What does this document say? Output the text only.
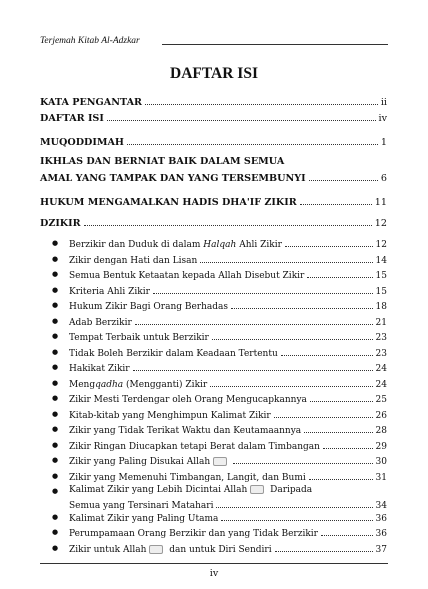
Terjemah Kitab Al-Adzkar
DAFTAR ISI
KATA PENGANTAR	ii
DAFTAR ISI	iv
MUQODDIMAH	1
IKHLAS DAN BERNIAT BAIK DALAM SEMUA
AMAL YANG TAMPAK DAN YANG TERSEMBUNYI	6
HUKUM MENGAMALKAN HADIS DHA'IF ZIKIR	11
DZIKIR	12
● Berzikir dan Duduk di dalam Halqah Ahli Zikir	12
● Zikir dengan Hati dan Lisan	14
● Semua Bentuk Ketaatan kepada Allah Disebut Zikir	15
● Kriteria Ahli Zikir	15
● Hukum Zikir Bagi Orang Berhadas	18
● Adab Berzikir	21
● Tempat Terbaik untuk Berzikir	23
● Tidak Boleh Berzikir dalam Keadaan Tertentu	23
● Hakikat Zikir	24
● Mengqadha (Mengganti) Zikir	24
● Zikir Mesti Terdengar oleh Orang Mengucapkannya	25
● Kitab-kitab yang Menghimpun Kalimat Zikir	26
● Zikir yang Tidak Terikat Waktu dan Keutamaannya	28
● Zikir Ringan Diucapkan tetapi Berat dalam Timbangan	29
● Zikir yang Paling Disukai Allah	30
● Zikir yang Memenuhi Timbangan, Langit, dan Bumi	31
● Kalimat Zikir yang Lebih Dicintai Allah Daripada
Semua yang Tersinari Matahari	34
● Kalimat Zikir yang Paling Utama	36
● Perumpamaan Orang Berzikir dan yang Tidak Berzikir	36
● Zikir untuk Allah dan untuk Diri Sendiri	37
iv
